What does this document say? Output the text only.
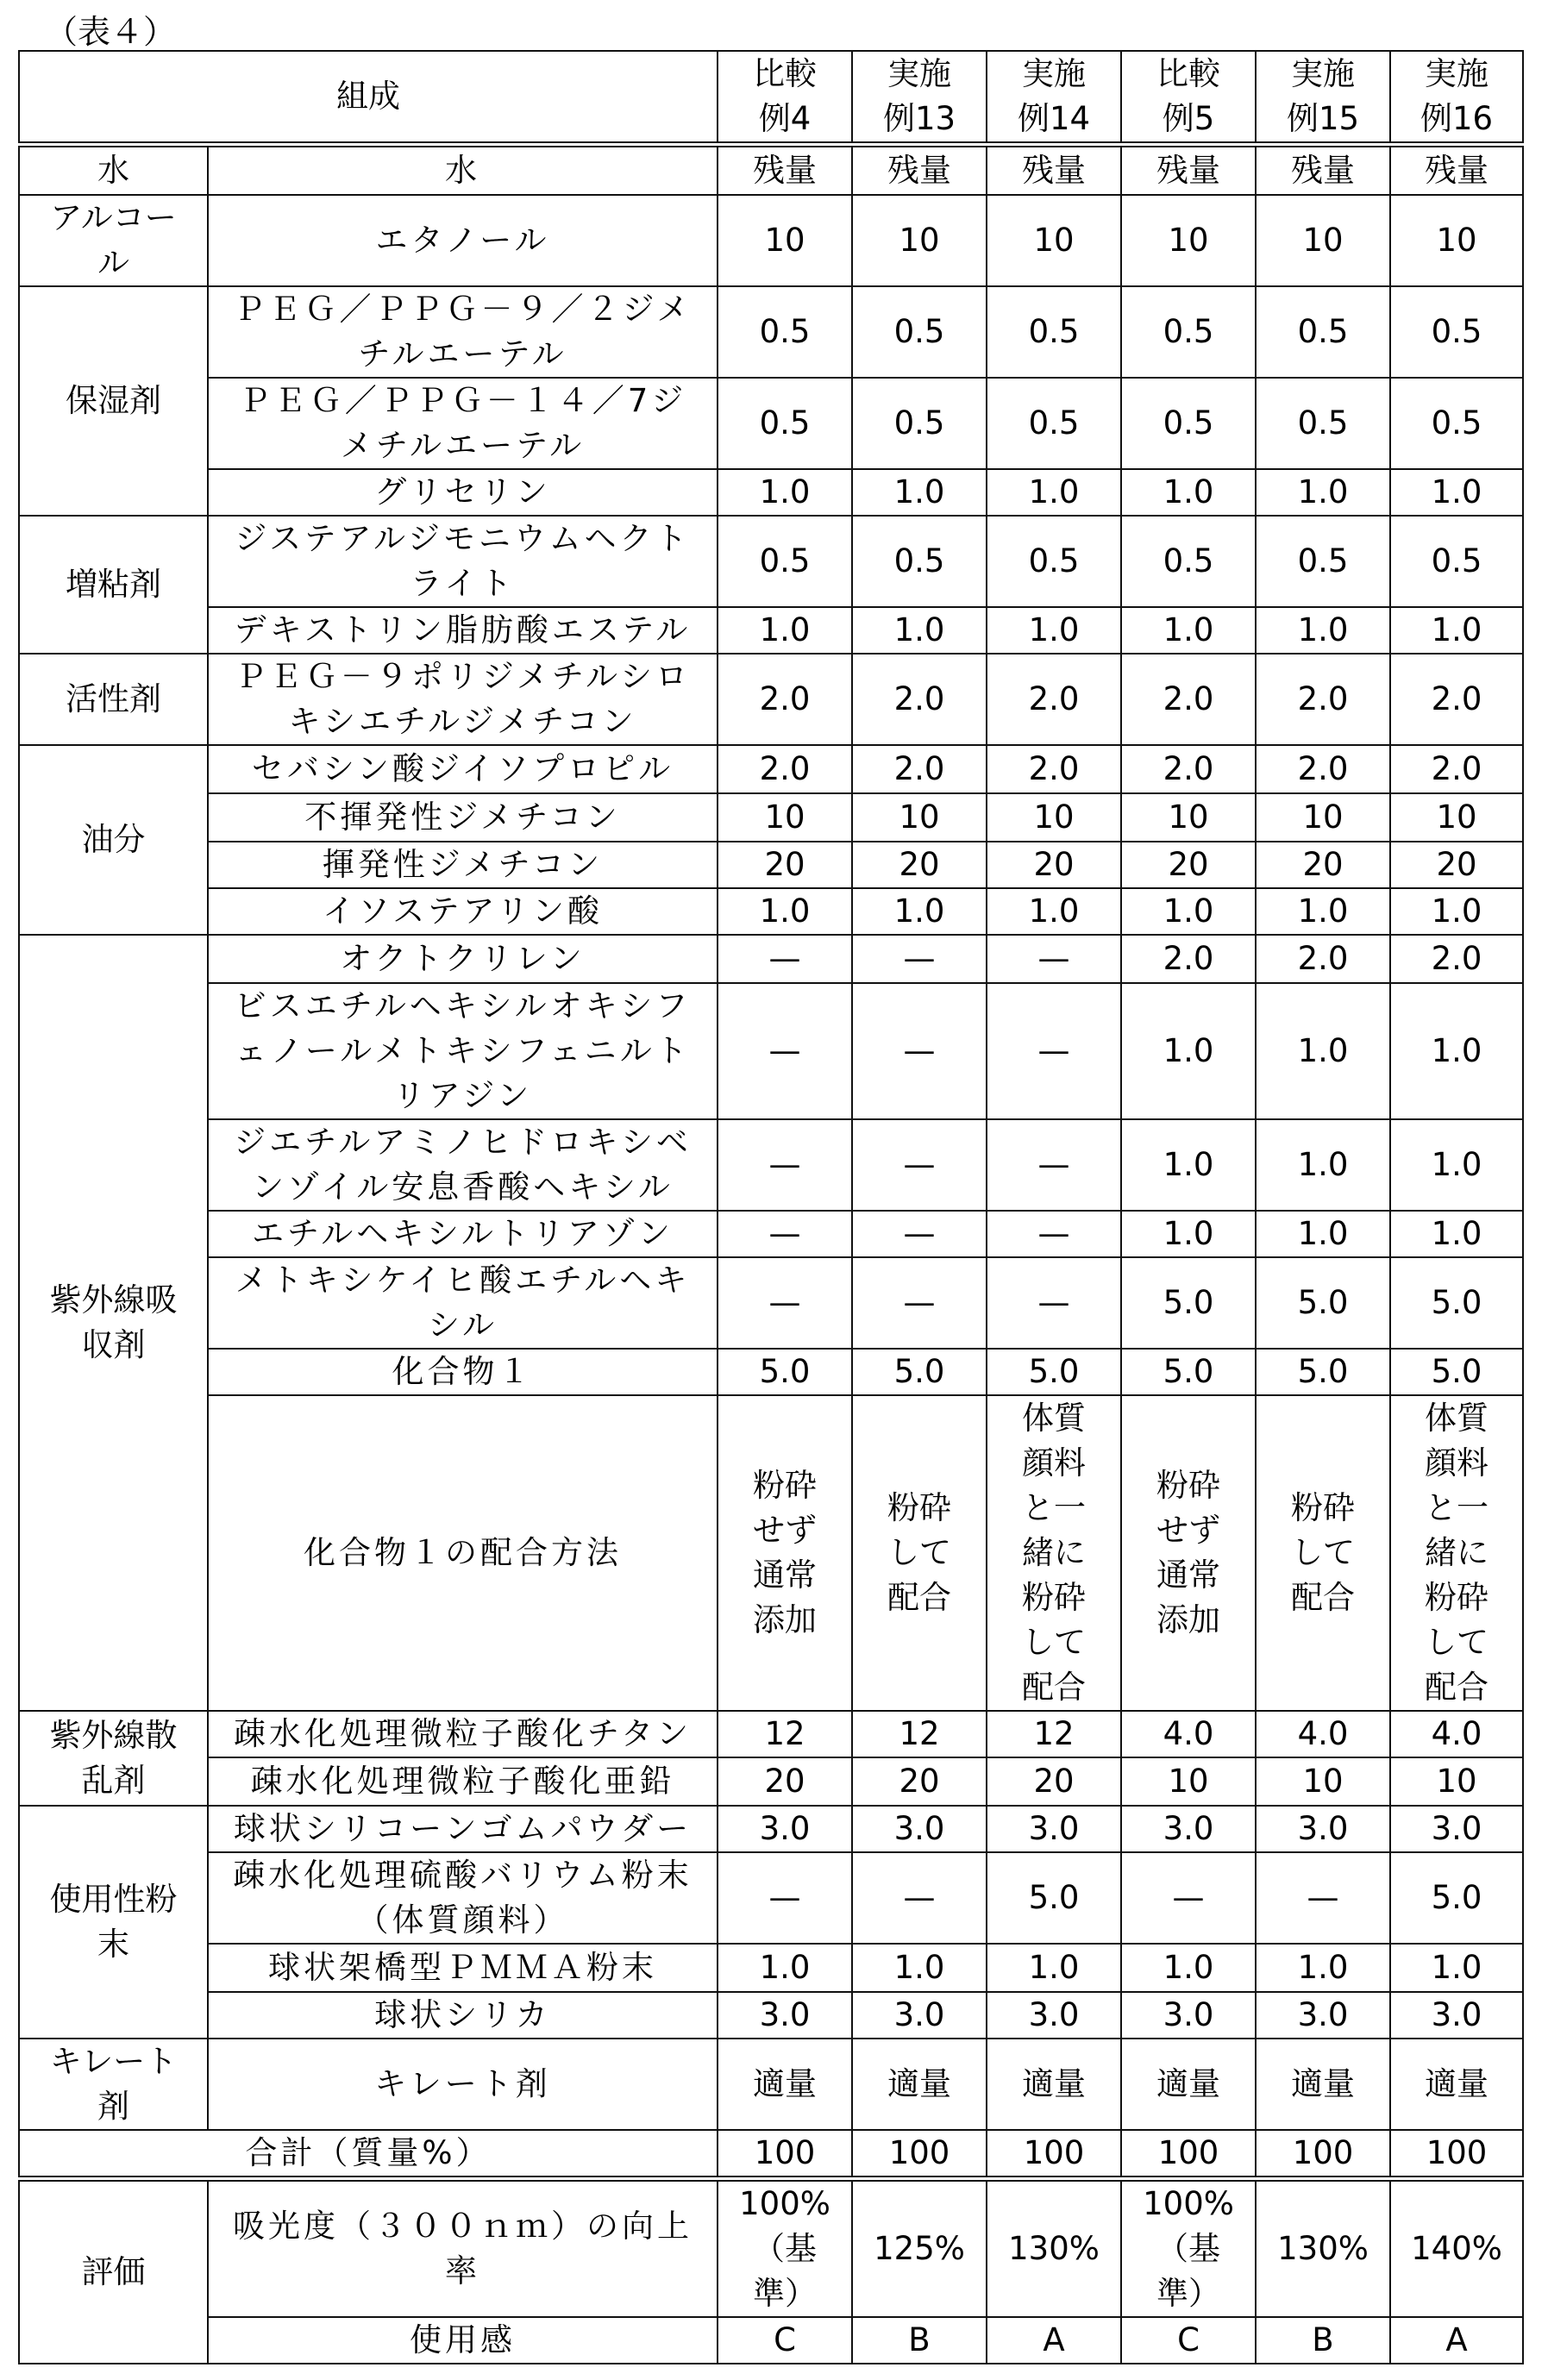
（表４）
組成	比較
例4	実施
例13	実施
例14	比較
例5	実施
例15	実施
例16
水	水	残量	残量	残量	残量	残量	残量
アルコー
ル	エタノール	10	10	10	10	10	10
保湿剤	ＰＥＧ／ＰＰＧ－９／２ジメ
チルエーテル	0.5	0.5	0.5	0.5	0.5	0.5
ＰＥＧ／ＰＰＧ－１４／7ジ
メチルエーテル	0.5	0.5	0.5	0.5	0.5	0.5
グリセリン	1.0	1.0	1.0	1.0	1.0	1.0
増粘剤	ジステアルジモニウムヘクト
ライト	0.5	0.5	0.5	0.5	0.5	0.5
デキストリン脂肪酸エステル	1.0	1.0	1.0	1.0	1.0	1.0
活性剤	ＰＥＧ－９ポリジメチルシロ
キシエチルジメチコン	2.0	2.0	2.0	2.0	2.0	2.0
油分	セバシン酸ジイソプロピル	2.0	2.0	2.0	2.0	2.0	2.0
不揮発性ジメチコン	10	10	10	10	10	10
揮発性ジメチコン	20	20	20	20	20	20
イソステアリン酸	1.0	1.0	1.0	1.0	1.0	1.0
紫外線吸
収剤	オクトクリレン	—	—	—	2.0	2.0	2.0
ビスエチルヘキシルオキシフ
ェノールメトキシフェニルト
リアジン	—	—	—	1.0	1.0	1.0
ジエチルアミノヒドロキシベ
ンゾイル安息香酸ヘキシル	—	—	—	1.0	1.0	1.0
エチルヘキシルトリアゾン	—	—	—	1.0	1.0	1.0
メトキシケイヒ酸エチルヘキ
シル	—	—	—	5.0	5.0	5.0
化合物１	5.0	5.0	5.0	5.0	5.0	5.0
化合物１の配合方法	粉砕
せず
通常
添加	粉砕
して
配合	体質
顔料
と一
緒に
粉砕
して
配合	粉砕
せず
通常
添加	粉砕
して
配合	体質
顔料
と一
緒に
粉砕
して
配合
紫外線散
乱剤	疎水化処理微粒子酸化チタン	12	12	12	4.0	4.0	4.0
疎水化処理微粒子酸化亜鉛	20	20	20	10	10	10
使用性粉
末	球状シリコーンゴムパウダー	3.0	3.0	3.0	3.0	3.0	3.0
疎水化処理硫酸バリウム粉末
（体質顔料）	—	—	5.0	—	—	5.0
球状架橋型ＰＭＭＡ粉末	1.0	1.0	1.0	1.0	1.0	1.0
球状シリカ	3.0	3.0	3.0	3.0	3.0	3.0
キレート
剤	キレート剤	適量	適量	適量	適量	適量	適量
合計（質量%）	100	100	100	100	100	100
評価	吸光度（３００ｎｍ）の向上
率	100%
（基
準）	125%	130%	100%
（基
準）	130%	140%
使用感	C	B	A	C	B	A
